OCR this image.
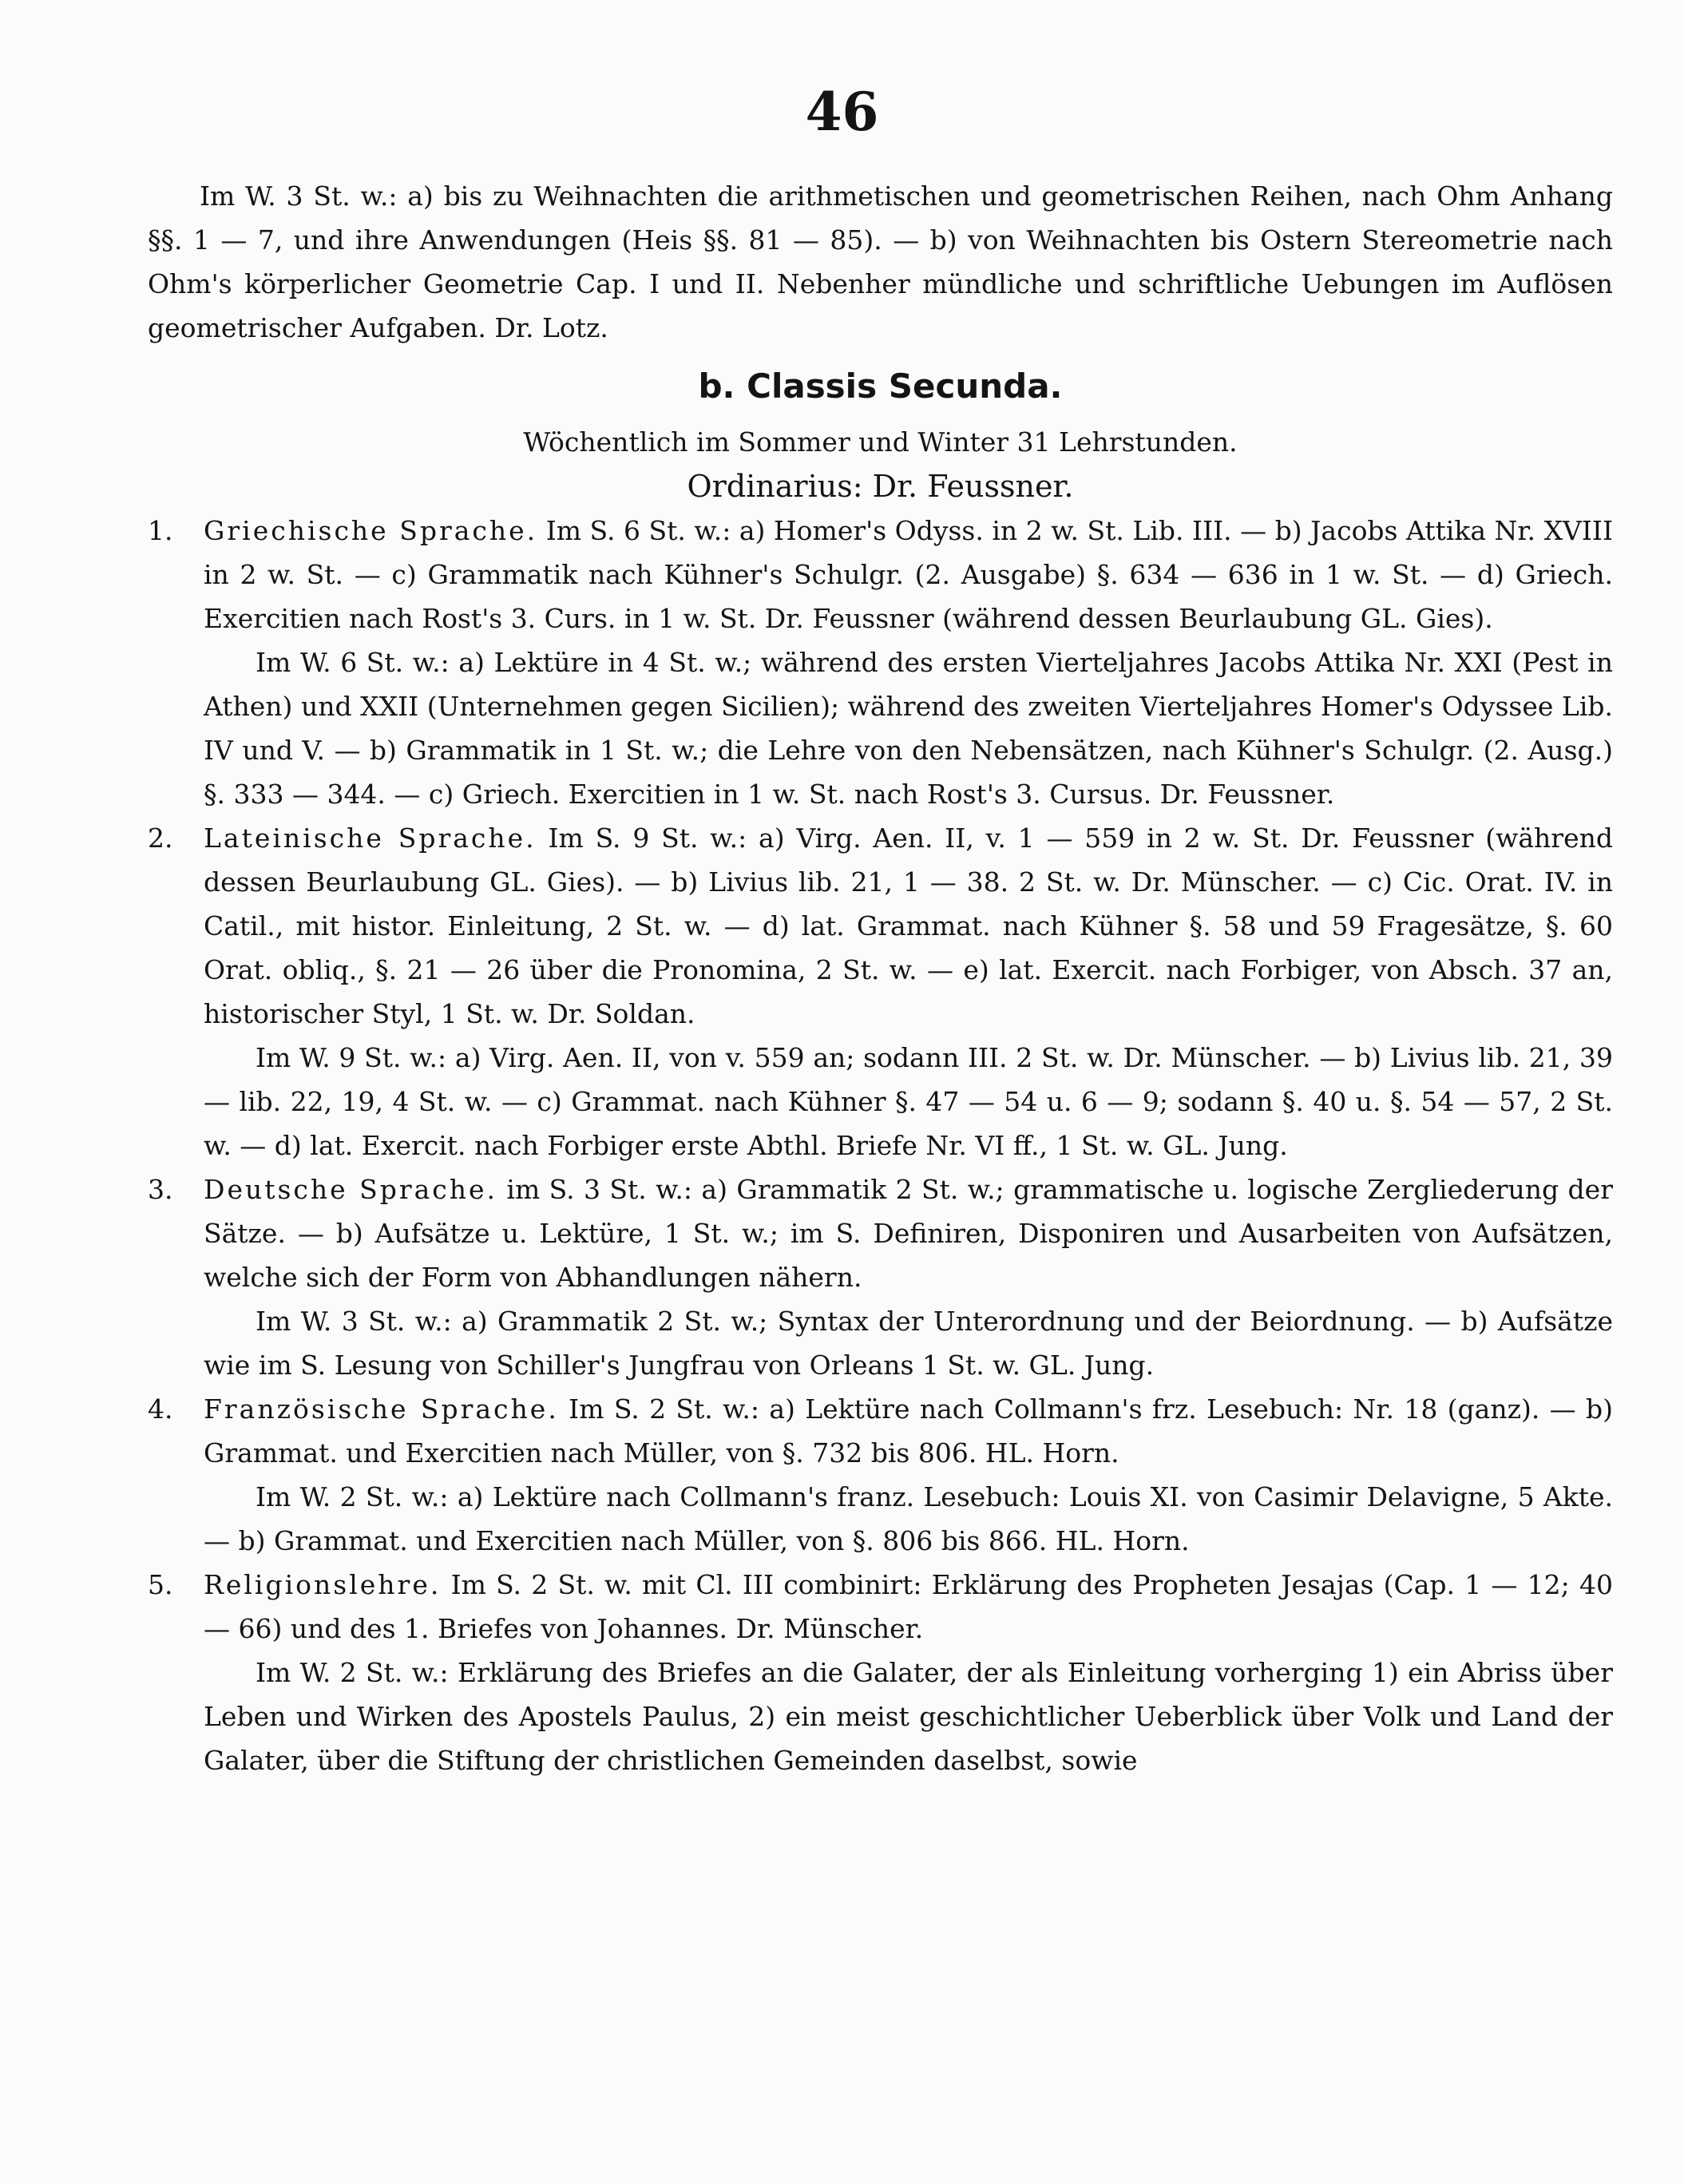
46

Im W. 3 St. w.: a) bis zu Weihnachten die arithmetischen und geometrischen Reihen, nach Ohm Anhang §§. 1 — 7, und ihre Anwendungen (Heis §§. 81 — 85). — b) von Weihnachten bis Ostern Stereometrie nach Ohm's körperlicher Geometrie Cap. I und II. Nebenher mündliche und schriftliche Uebungen im Auflösen geometrischer Aufgaben. Dr. Lotz.

b. Classis Secunda.

Wöchentlich im Sommer und Winter 31 Lehrstunden.

Ordinarius: Dr. Feussner.

1. Griechische Sprache. Im S. 6 St. w.: a) Homer's Odyss. in 2 w. St. Lib. III. — b) Jacobs Attika Nr. XVIII in 2 w. St. — c) Grammatik nach Kühner's Schulgr. (2. Ausgabe) §. 634 — 636 in 1 w. St. — d) Griech. Exercitien nach Rost's 3. Curs. in 1 w. St. Dr. Feussner (während dessen Beurlaubung GL. Gies).

Im W. 6 St. w.: a) Lektüre in 4 St. w.; während des ersten Vierteljahres Jacobs Attika Nr. XXI (Pest in Athen) und XXII (Unternehmen gegen Sicilien); während des zweiten Vierteljahres Homer's Odyssee Lib. IV und V. — b) Grammatik in 1 St. w.; die Lehre von den Nebensätzen, nach Kühner's Schulgr. (2. Ausg.) §. 333 — 344. — c) Griech. Exercitien in 1 w. St. nach Rost's 3. Cursus. Dr. Feussner.

2. Lateinische Sprache. Im S. 9 St. w.: a) Virg. Aen. II, v. 1 — 559 in 2 w. St. Dr. Feussner (während dessen Beurlaubung GL. Gies). — b) Livius lib. 21, 1 — 38. 2 St. w. Dr. Münscher. — c) Cic. Orat. IV. in Catil., mit histor. Einleitung, 2 St. w. — d) lat. Grammat. nach Kühner §. 58 und 59 Fragesätze, §. 60 Orat. obliq., §. 21 — 26 über die Pronomina, 2 St. w. — e) lat. Exercit. nach Forbiger, von Absch. 37 an, historischer Styl, 1 St. w. Dr. Soldan.

Im W. 9 St. w.: a) Virg. Aen. II, von v. 559 an; sodann III. 2 St. w. Dr. Münscher. — b) Livius lib. 21, 39 — lib. 22, 19, 4 St. w. — c) Grammat. nach Kühner §. 47 — 54 u. 6 — 9; sodann §. 40 u. §. 54 — 57, 2 St. w. — d) lat. Exercit. nach Forbiger erste Abthl. Briefe Nr. VI ff., 1 St. w. GL. Jung.

3. Deutsche Sprache. im S. 3 St. w.: a) Grammatik 2 St. w.; grammatische u. logische Zergliederung der Sätze. — b) Aufsätze u. Lektüre, 1 St. w.; im S. Definiren, Disponiren und Ausarbeiten von Aufsätzen, welche sich der Form von Abhandlungen nähern.

Im W. 3 St. w.: a) Grammatik 2 St. w.; Syntax der Unterordnung und der Beiordnung. — b) Aufsätze wie im S. Lesung von Schiller's Jungfrau von Orleans 1 St. w. GL. Jung.

4. Französische Sprache. Im S. 2 St. w.: a) Lektüre nach Collmann's frz. Lesebuch: Nr. 18 (ganz). — b) Grammat. und Exercitien nach Müller, von §. 732 bis 806. HL. Horn.

Im W. 2 St. w.: a) Lektüre nach Collmann's franz. Lesebuch: Louis XI. von Casimir Delavigne, 5 Akte. — b) Grammat. und Exercitien nach Müller, von §. 806 bis 866. HL. Horn.

5. Religionslehre. Im S. 2 St. w. mit Cl. III combinirt: Erklärung des Propheten Jesajas (Cap. 1 — 12; 40 — 66) und des 1. Briefes von Johannes. Dr. Münscher.

Im W. 2 St. w.: Erklärung des Briefes an die Galater, der als Einleitung vorherging 1) ein Abriss über Leben und Wirken des Apostels Paulus, 2) ein meist geschichtlicher Ueberblick über Volk und Land der Galater, über die Stiftung der christlichen Gemeinden daselbst, sowie
